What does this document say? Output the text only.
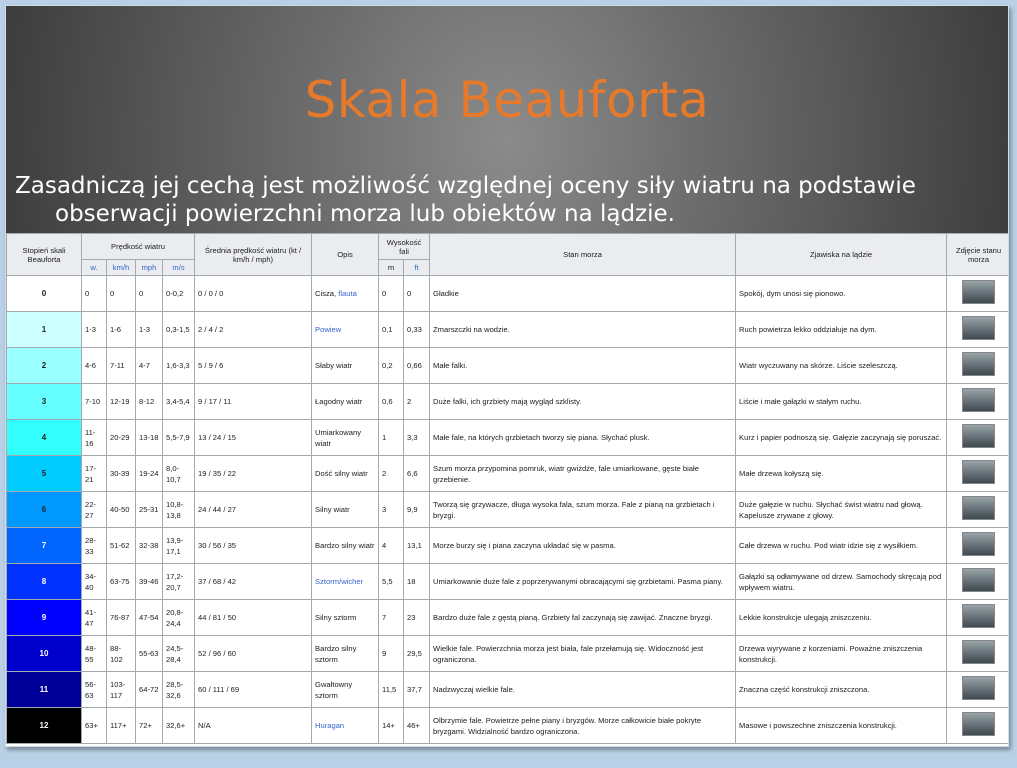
Skala Beauforta
Zasadniczą jej cechą jest możliwość względnej oceny siły wiatru na podstawie
obserwacji powierzchni morza lub obiektów na lądzie.
Stopień skali Beauforta	Prędkość wiatru				Średnia prędkość wiatru (kt / km/h / mph)	Opis	Wysokość fali		Stan morza	Zjawiska na lądzie	Zdjęcie stanu morza
	w.	km/h	mph	m/s			m	ft			
0	0	0	0	0-0,2	0 / 0 / 0	Cisza, flauta	0	0	Gładkie	Spokój, dym unosi się pionowo.	
1	1-3	1-6	1-3	0,3-1,5	2 / 4 / 2	Powiew	0,1	0,33	Zmarszczki na wodzie.	Ruch powietrza lekko oddziałuje na dym.	
2	4-6	7-11	4-7	1,6-3,3	5 / 9 / 6	Słaby wiatr	0,2	0,66	Małe falki.	Wiatr wyczuwany na skórze. Liście szeleszczą.	
3	7-10	12-19	8-12	3,4-5,4	9 / 17 / 11	Łagodny wiatr	0,6	2	Duże falki, ich grzbiety mają wygląd szklisty.	Liście i małe gałązki w stałym ruchu.	
4	11-16	20-29	13-18	5,5-7,9	13 / 24 / 15	Umiarkowany wiatr	1	3,3	Małe fale, na których grzbietach tworzy się piana. Słychać plusk.	Kurz i papier podnoszą się. Gałęzie zaczynają się poruszać.	
5	17-21	30-39	19-24	8,0-10,7	19 / 35 / 22	Dość silny wiatr	2	6,6	Szum morza przypomina pomruk, wiatr gwiżdże, fale umiarkowane, gęste białe grzebienie.	Małe drzewa kołyszą się.	
6	22-27	40-50	25-31	10,8-13,8	24 / 44 / 27	Silny wiatr	3	9,9	Tworzą się grzywacze, długa wysoka fala, szum morza. Fale z pianą na grzbietach i bryzgi.	Duże gałęzie w ruchu. Słychać świst wiatru nad głową. Kapelusze zrywane z głowy.	
7	28-33	51-62	32-38	13,9-17,1	30 / 56 / 35	Bardzo silny wiatr	4	13,1	Morze burzy się i piana zaczyna układać się w pasma.	Całe drzewa w ruchu. Pod wiatr idzie się z wysiłkiem.	
8	34-40	63-75	39-46	17,2-20,7	37 / 68 / 42	Sztorm/wicher	5,5	18	Umiarkowanie duże fale z poprzerywanymi obracającymi się grzbietami. Pasma piany.	Gałązki są odłamywane od drzew. Samochody skręcają pod wpływem wiatru.	
9	41-47	76-87	47-54	20,8-24,4	44 / 81 / 50	Silny sztorm	7	23	Bardzo duże fale z gęstą pianą. Grzbiety fal zaczynają się zawijać. Znaczne bryzgi.	Lekkie konstrukcje ulegają zniszczeniu.	
10	48-55	88-102	55-63	24,5-28,4	52 / 96 / 60	Bardzo silny sztorm	9	29,5	Wielkie fale. Powierzchnia morza jest biała, fale przełamują się. Widoczność jest ograniczona.	Drzewa wyrywane z korzeniami. Poważne zniszczenia konstrukcji.	
11	56-63	103-117	64-72	28,5-32,6	60 / 111 / 69	Gwałtowny sztorm	11,5	37,7	Nadzwyczaj wielkie fale.	Znaczna część konstrukcji zniszczona.	
12	63+	117+	72+	32,6+	N/A	Huragan	14+	46+	Olbrzymie fale. Powietrze pełne piany i bryzgów. Morze całkowicie białe pokryte bryzgami. Widzialność bardzo ograniczona.	Masowe i powszechne zniszczenia konstrukcji.	
